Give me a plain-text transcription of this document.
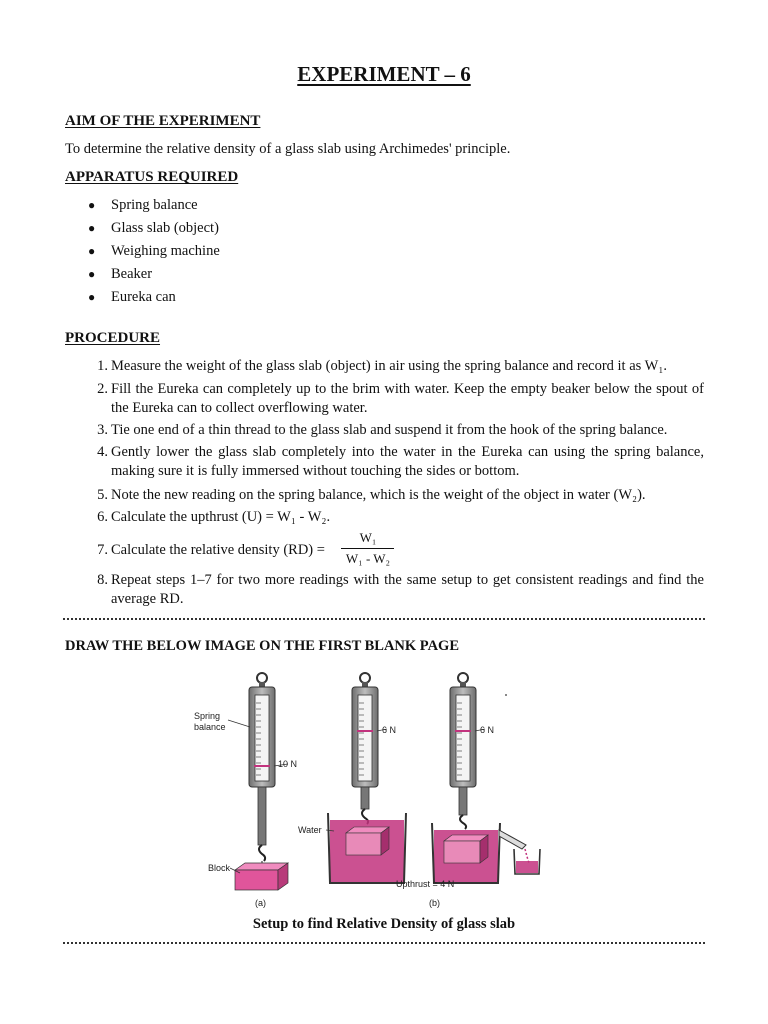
EXPERIMENT – 6
AIM OF THE EXPERIMENT
To determine the relative density of a glass slab using Archimedes' principle.
APPARATUS REQUIRED
● Spring balance
● Glass slab (object)
● Weighing machine
● Beaker
● Eureka can
PROCEDURE
1. Measure the weight of the glass slab (object) in air using the spring balance and record it as W₁.
2. Fill the Eureka can completely up to the brim with water. Keep the empty beaker below the spout of the Eureka can to collect overflowing water.
3. Tie one end of a thin thread to the glass slab and suspend it from the hook of the spring balance.
4. Gently lower the glass slab completely into the water in the Eureka can using the spring balance, making sure it is fully immersed without touching the sides or bottom.
5. Note the new reading on the spring balance, which is the weight of the object in water (W₂).
6. Calculate the upthrust (U) = W₁ - W₂.
7. Calculate the relative density (RD) =
W₁
W₁ - W₂
8. Repeat steps 1–7 for two more readings with the same setup to get consistent readings and find the average RD.
DRAW THE BELOW IMAGE ON THE FIRST BLANK PAGE
Spring
balance
10 N
Block
(a)
Water
6 N	6 N
Upthrust = 4 N
(b)
Setup to find Relative Density of glass slab
